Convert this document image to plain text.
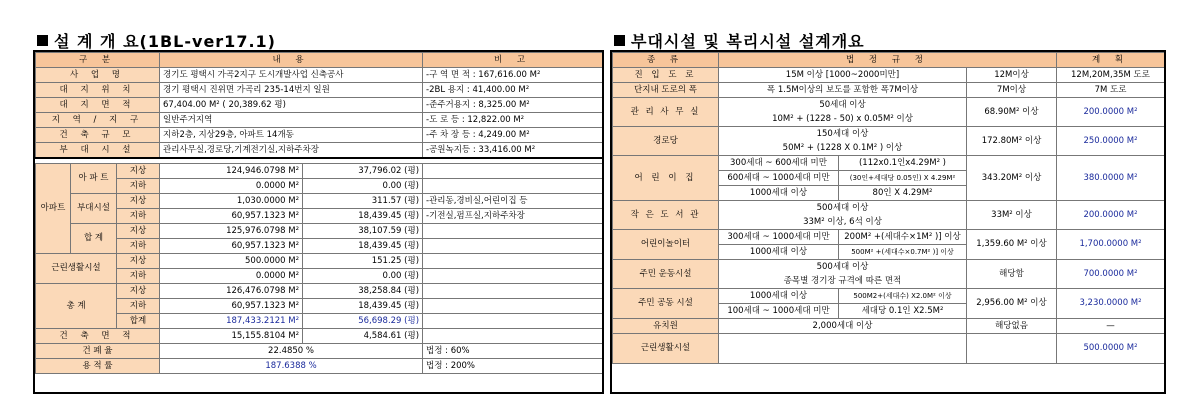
설 계 개 요(1BL-ver17.1)	부대시설 및 복리시설 설계개요
구 분			내 용		비 고
사 업 명			경기도 평택시 가곡2지구 도시개발사업 신축공사		-구 역 면 적 : 167,616.00 M²
대 지 위 치			경기 평택시 진위면 가곡리 235-14번지 일원		-2BL 용지 : 41,400.00 M²
대 지 면 적			67,404.00 M² ( 20,389.62 평)		-준주거용지 : 8,325.00 M²
지 역 / 지 구			일반주거지역		-도 로 등 : 12,822.00 M²
건 축 규 모			지하2층, 지상29층, 아파트 14개동		-주 차 장 등 : 4,249.00 M²
부 대 시 설			관리사무실,경로당,기계전기실,지하주차장		-공원녹지등 : 33,416.00 M²

아파트	아 파 트	지상	124,946.0798 M²	37,796.02 (평)	
		지하	0.0000 M²	0.00 (평)	
	부대시설	지상	1,030.0000 M²	311.57 (평)	-관리동,경비실,어린이집 등
		지하	60,957.1323 M²	18,439.45 (평)	-기전실,펌프실,지하주차장
	합 계	지상	125,976.0798 M²	38,107.59 (평)	
		지하	60,957.1323 M²	18,439.45 (평)	
근린생활시설		지상	500.0000 M²	151.25 (평)	
		지하	0.0000 M²	0.00 (평)	
총 계		지상	126,476.0798 M²	38,258.84 (평)	
		지하	60,957.1323 M²	18,439.45 (평)	
		합계	187,433.2121 M²	56,698.29 (평)	
건 축 면 적			15,155.8104 M²	4,584.61 (평)	
건 폐 율			22.4850 %		법정 : 60%
용 적 률			187.6388 %		법정 : 200%
종 류	법 정 규 정			계 획
진 입 도 로	15M 이상 [1000~2000미만]		12M이상	12M,20M,35M 도로
단지내 도로의 폭	폭 1.5M이상의 보도를 포함한 폭7M이상		7M이상	7M 도로
관 리 사 무 실	50세대 이상		68.90M² 이상	200.0000 M²
	10M² + (1228 - 50) x 0.05M² 이상			
경로당	150세대 이상		172.80M² 이상	250.0000 M²
	50M² + (1228 X 0.1M² ) 이상			
어 린 이 집	300세대 ~ 600세대 미만	(112x0.1인x4.29M² )	343.20M² 이상	380.0000 M²
	600세대 ~ 1000세대 미만	(30인+세대당 0.05인) X 4.29M²		
	1000세대 이상	80인 X 4.29M²		
작 은 도 서 관	500세대 이상		33M² 이상	200.0000 M²
	33M² 이상, 6석 이상			
어린이놀이터	300세대 ~ 1000세대 미만	200M² +(세대수×1M² )] 이상	1,359.60 M² 이상	1,700.0000 M²
	1000세대 이상	500M² +(세대수×0.7M² )] 이상		
주민 운동시설	500세대 이상		해당함	700.0000 M²
	종목별 경기장 규격에 따른 면적			
주민 공동 시설	1000세대 이상	500M2+(세대수) X2.0M² 이상	2,956.00 M² 이상	3,230.0000 M²
	100세대 ~ 1000세대 미만	세대당 0.1인 X2.5M²		
유치원	2,000세대 이상		해당없음	—
근린생활시설				500.0000 M²
